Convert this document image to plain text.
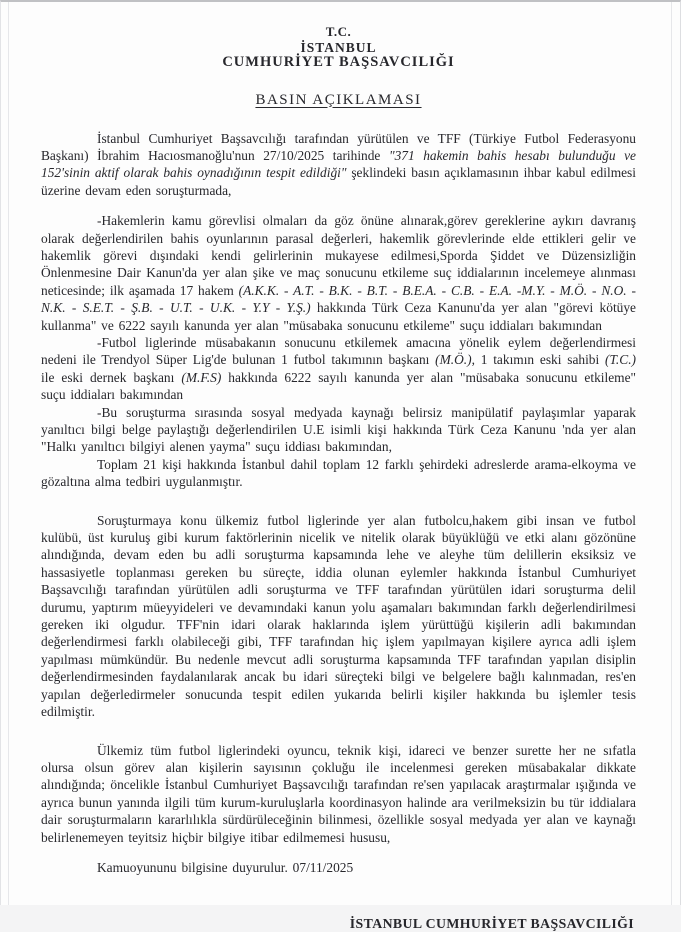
T.C.
İSTANBUL
CUMHURİYET BAŞSAVCILIĞI
BASIN AÇIKLAMASI

İstanbul Cumhuriyet Başsavcılığı tarafından yürütülen ve TFF (Türkiye Futbol Federasyonu Başkanı) İbrahim Hacıosmanoğlu'nun 27/10/2025 tarihinde "371 hakemin bahis hesabı bulunduğu ve 152'sinin aktif olarak bahis oynadığının tespit edildiği" şeklindeki basın açıklamasının ihbar kabul edilmesi üzerine devam eden soruşturmada,

-Hakemlerin kamu görevlisi olmaları da göz önüne alınarak,görev gereklerine aykırı davranış olarak değerlendirilen bahis oyunlarının parasal değerleri, hakemlik görevlerinde elde ettikleri gelir ve hakemlik görevi dışındaki kendi gelirlerinin mukayese edilmesi,Sporda Şiddet ve Düzensizliğin Önlenmesine Dair Kanun'da yer alan şike ve maç sonucunu etkileme suç iddialarının incelemeye alınması neticesinde; ilk aşamada 17 hakem (A.K.K. - A.T. - B.K. - B.T. - B.E.A. - C.B. - E.A. -M.Y. - M.Ö. - N.O. - N.K. - S.E.T. - Ş.B. - U.T. - U.K. - Y.Y - Y.Ş.) hakkında Türk Ceza Kanunu'da yer alan "görevi kötüye kullanma" ve 6222 sayılı kanunda yer alan "müsabaka sonucunu etkileme" suçu iddiaları bakımından

-Futbol liglerinde müsabakanın sonucunu etkilemek amacına yönelik eylem değerlendirmesi nedeni ile Trendyol Süper Lig'de bulunan 1 futbol takımının başkanı (M.Ö.), 1 takımın eski sahibi (T.C.) ile eski dernek başkanı (M.F.S) hakkında 6222 sayılı kanunda yer alan "müsabaka sonucunu etkileme" suçu iddiaları bakımından

-Bu soruşturma sırasında sosyal medyada kaynağı belirsiz manipülatif paylaşımlar yaparak yanıltıcı bilgi belge paylaştığı değerlendirilen U.E isimli kişi hakkında Türk Ceza Kanunu 'nda yer alan "Halkı yanıltıcı bilgiyi alenen yayma" suçu iddiası bakımından,

Toplam 21 kişi hakkında İstanbul dahil toplam 12 farklı şehirdeki adreslerde arama-elkoyma ve gözaltına alma tedbiri uygulanmıştır.

Soruşturmaya konu ülkemiz futbol liglerinde yer alan futbolcu,hakem gibi insan ve futbol kulübü, üst kuruluş gibi kurum faktörlerinin nicelik ve nitelik olarak büyüklüğü ve etki alanı gözönüne alındığında, devam eden bu adli soruşturma kapsamında lehe ve aleyhe tüm delillerin eksiksiz ve hassasiyetle toplanması gereken bu süreçte, iddia olunan eylemler hakkında İstanbul Cumhuriyet Başsavcılığı tarafından yürütülen adli soruşturma ve TFF tarafından yürütülen idari soruşturma delil durumu, yaptırım müeyyideleri ve devamındaki kanun yolu aşamaları bakımından farklı değerlendirilmesi gereken iki olgudur. TFF'nin idari olarak haklarında işlem yürüttüğü kişilerin adli bakımından değerlendirmesi farklı olabileceği gibi, TFF tarafından hiç işlem yapılmayan kişilere ayrıca adli işlem yapılması mümkündür. Bu nedenle mevcut adli soruşturma kapsamında TFF tarafından yapılan disiplin değerlendirmesinden faydalanılarak ancak bu idari süreçteki bilgi ve belgelere bağlı kalınmadan, res'en yapılan değerledirmeler sonucunda tespit edilen yukarıda belirli kişiler hakkında bu işlemler tesis edilmiştir.

Ülkemiz tüm futbol liglerindeki oyuncu, teknik kişi, idareci ve benzer surette her ne sıfatla olursa olsun görev alan kişilerin sayısının çokluğu ile incelenmesi gereken müsabakalar dikkate alındığında; öncelikle İstanbul Cumhuriyet Başsavcılığı tarafından re'sen yapılacak araştırmalar ışığında ve ayrıca bunun yanında ilgili tüm kurum-kuruluşlarla koordinasyon halinde ara verilmeksizin bu tür iddialara dair soruşturmaların kararlılıkla sürdürüleceğinin bilinmesi, özellikle sosyal medyada yer alan ve kaynağı belirlenemeyen teyitsiz hiçbir bilgiye itibar edilmemesi hususu,

Kamuoyununu bilgisine duyurulur. 07/11/2025

İSTANBUL CUMHURİYET BAŞSAVCILIĞI
